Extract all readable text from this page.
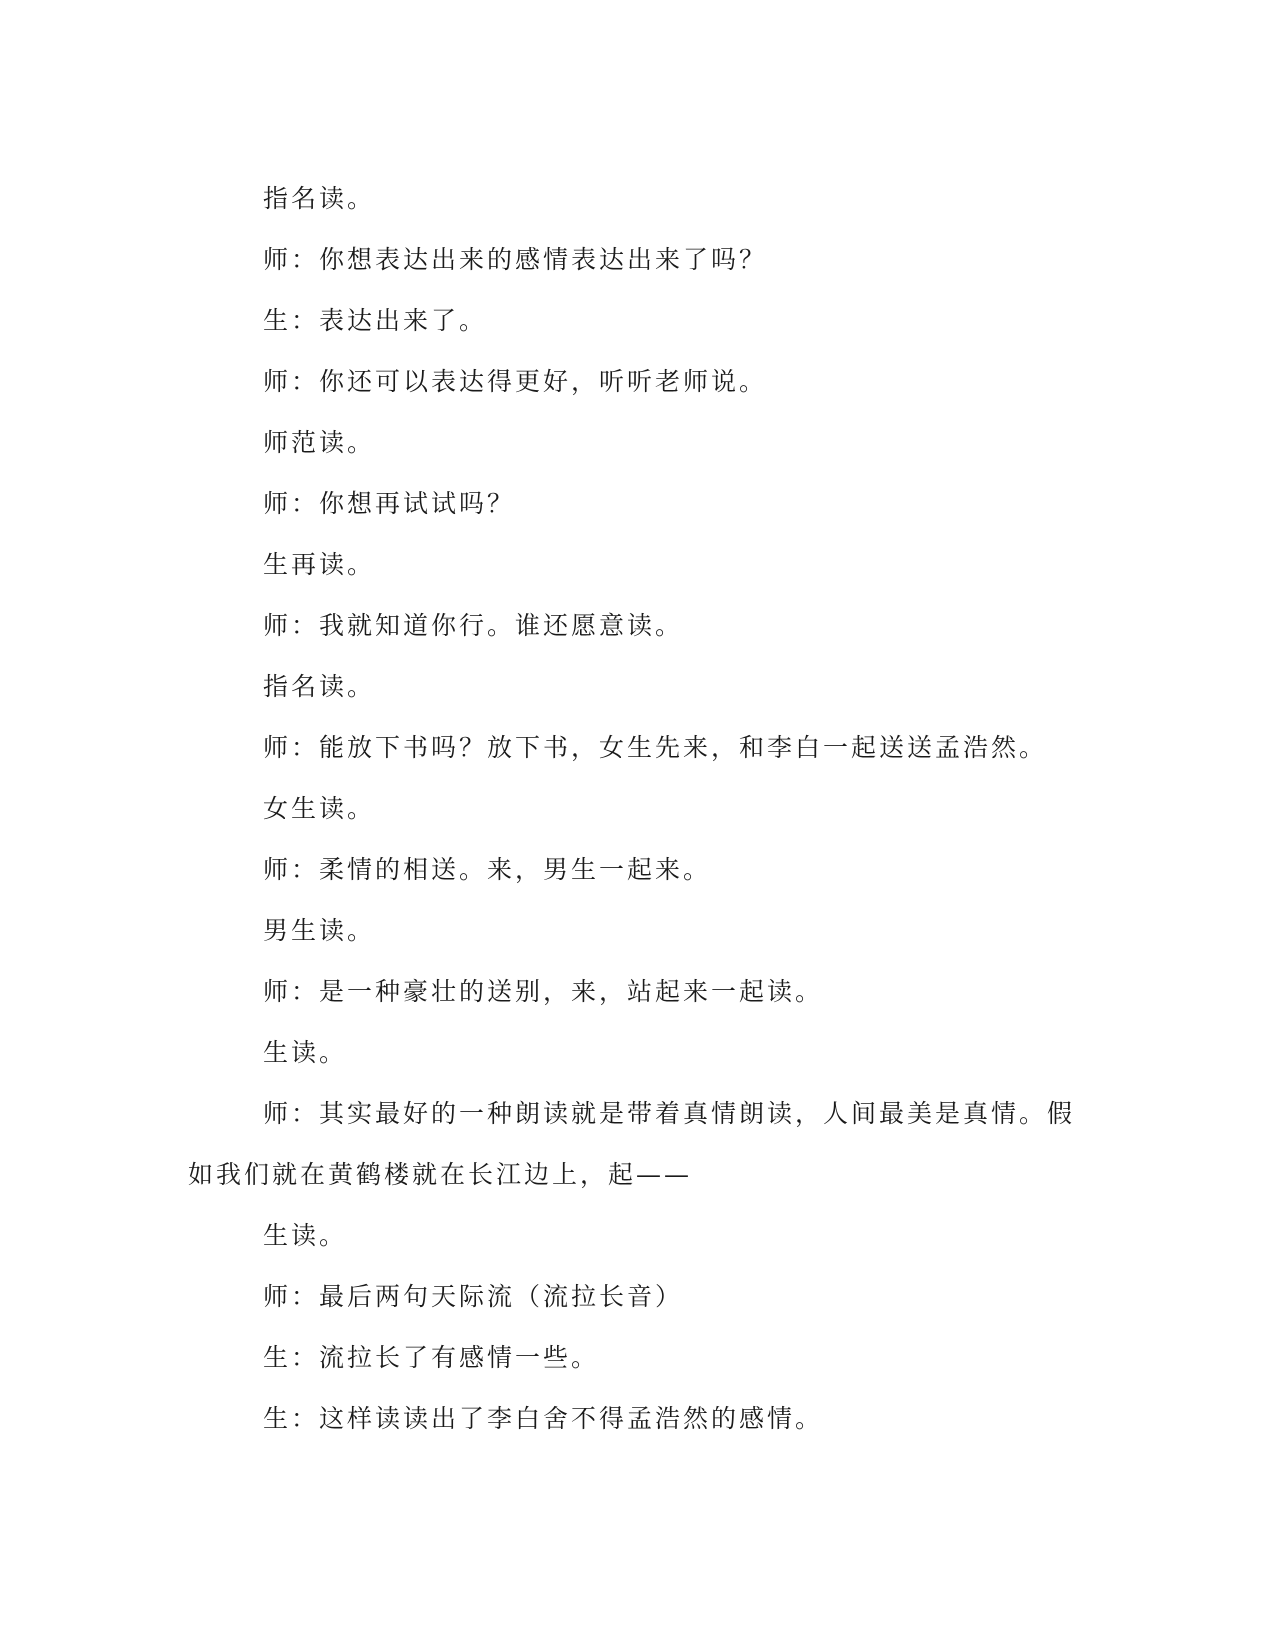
指名读。

师：你想表达出来的感情表达出来了吗？

生：表达出来了。

师：你还可以表达得更好，听听老师说。

师范读。

师：你想再试试吗？

生再读。

师：我就知道你行。谁还愿意读。

指名读。

师：能放下书吗？放下书，女生先来，和李白一起送送孟浩然。

女生读。

师：柔情的相送。来，男生一起来。

男生读。

师：是一种豪壮的送别，来，站起来一起读。

生读。

师：其实最好的一种朗读就是带着真情朗读，人间最美是真情。假如我们就在黄鹤楼就在长江边上，起——

生读。

师：最后两句天际流（流拉长音）

生：流拉长了有感情一些。

生：这样读读出了李白舍不得孟浩然的感情。
